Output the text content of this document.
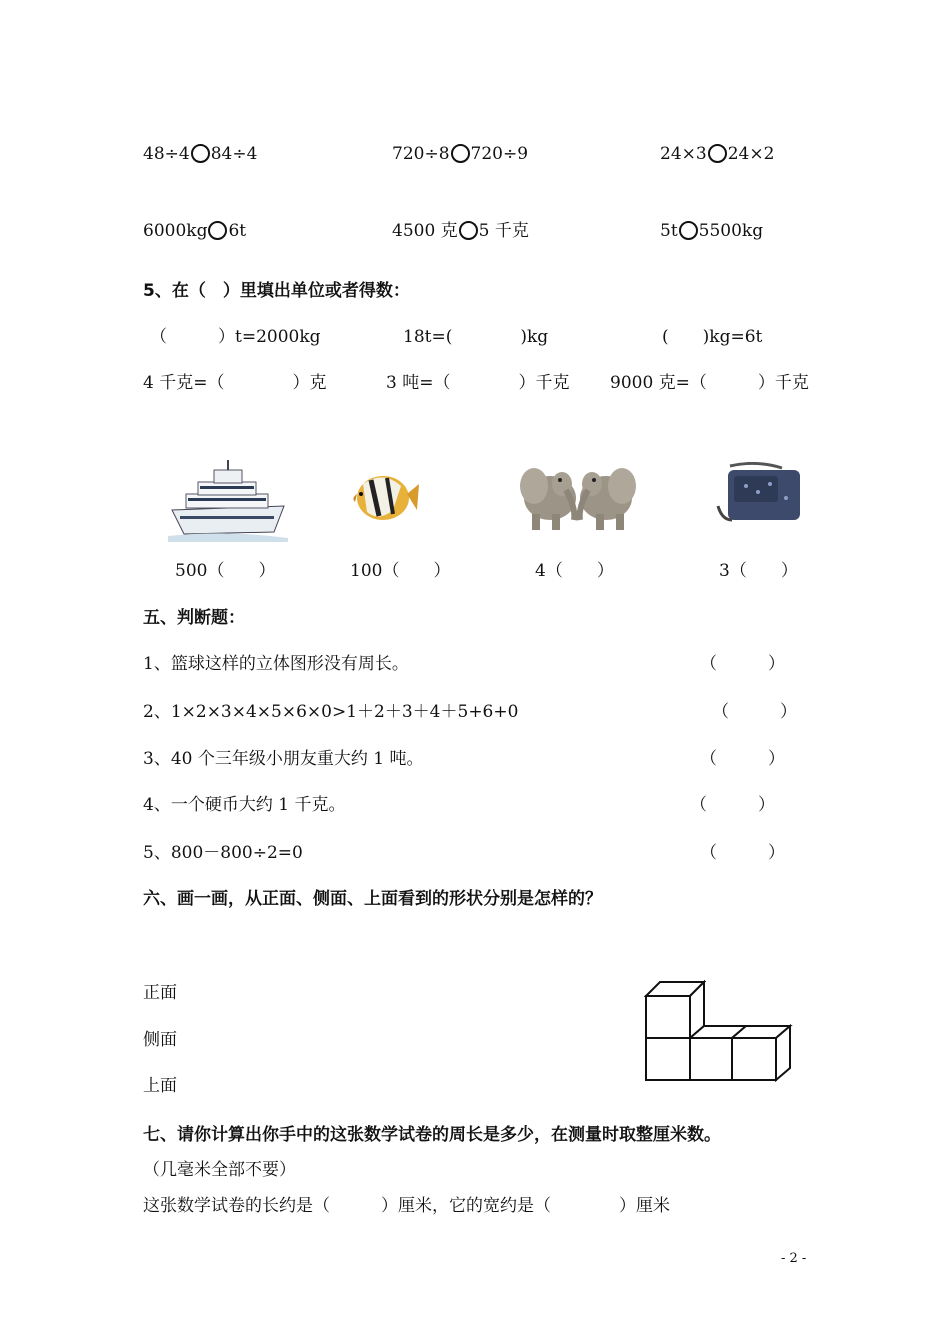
48÷4 84÷4	720÷8 720÷9	24×3 24×2
6000kg 6t	4500 克 5 千克	5t 5500kg
5、在（　）里填出单位或者得数：
（　　　）t=2000kg	18t=(　　　　)kg	(　　)kg=6t
4 千克=（　　　　）克	3 吨=（　　　　）千克 9000 克=（　　　）千克
500（　　）	100（　　）	4（　　）	3（　　）
五、判断题：
1、篮球这样的立体图形没有周长。	（　　　）
2、1×2×3×4×5×6×0>1＋2＋3＋4＋5+6+0	（　　　）
3、40 个三年级小朋友重大约 1 吨。	（　　　）
4、一个硬币大约 1 千克。	（　　　）
5、800－800÷2=0	（　　　）
六、画一画，从正面、侧面、上面看到的形状分别是怎样的？
正面
侧面
上面
七、请你计算出你手中的这张数学试卷的周长是多少，在测量时取整厘米数。
（几毫米全部不要）
这张数学试卷的长约是（　　　）厘米，它的宽约是（　　　　）厘米
- 2 -
